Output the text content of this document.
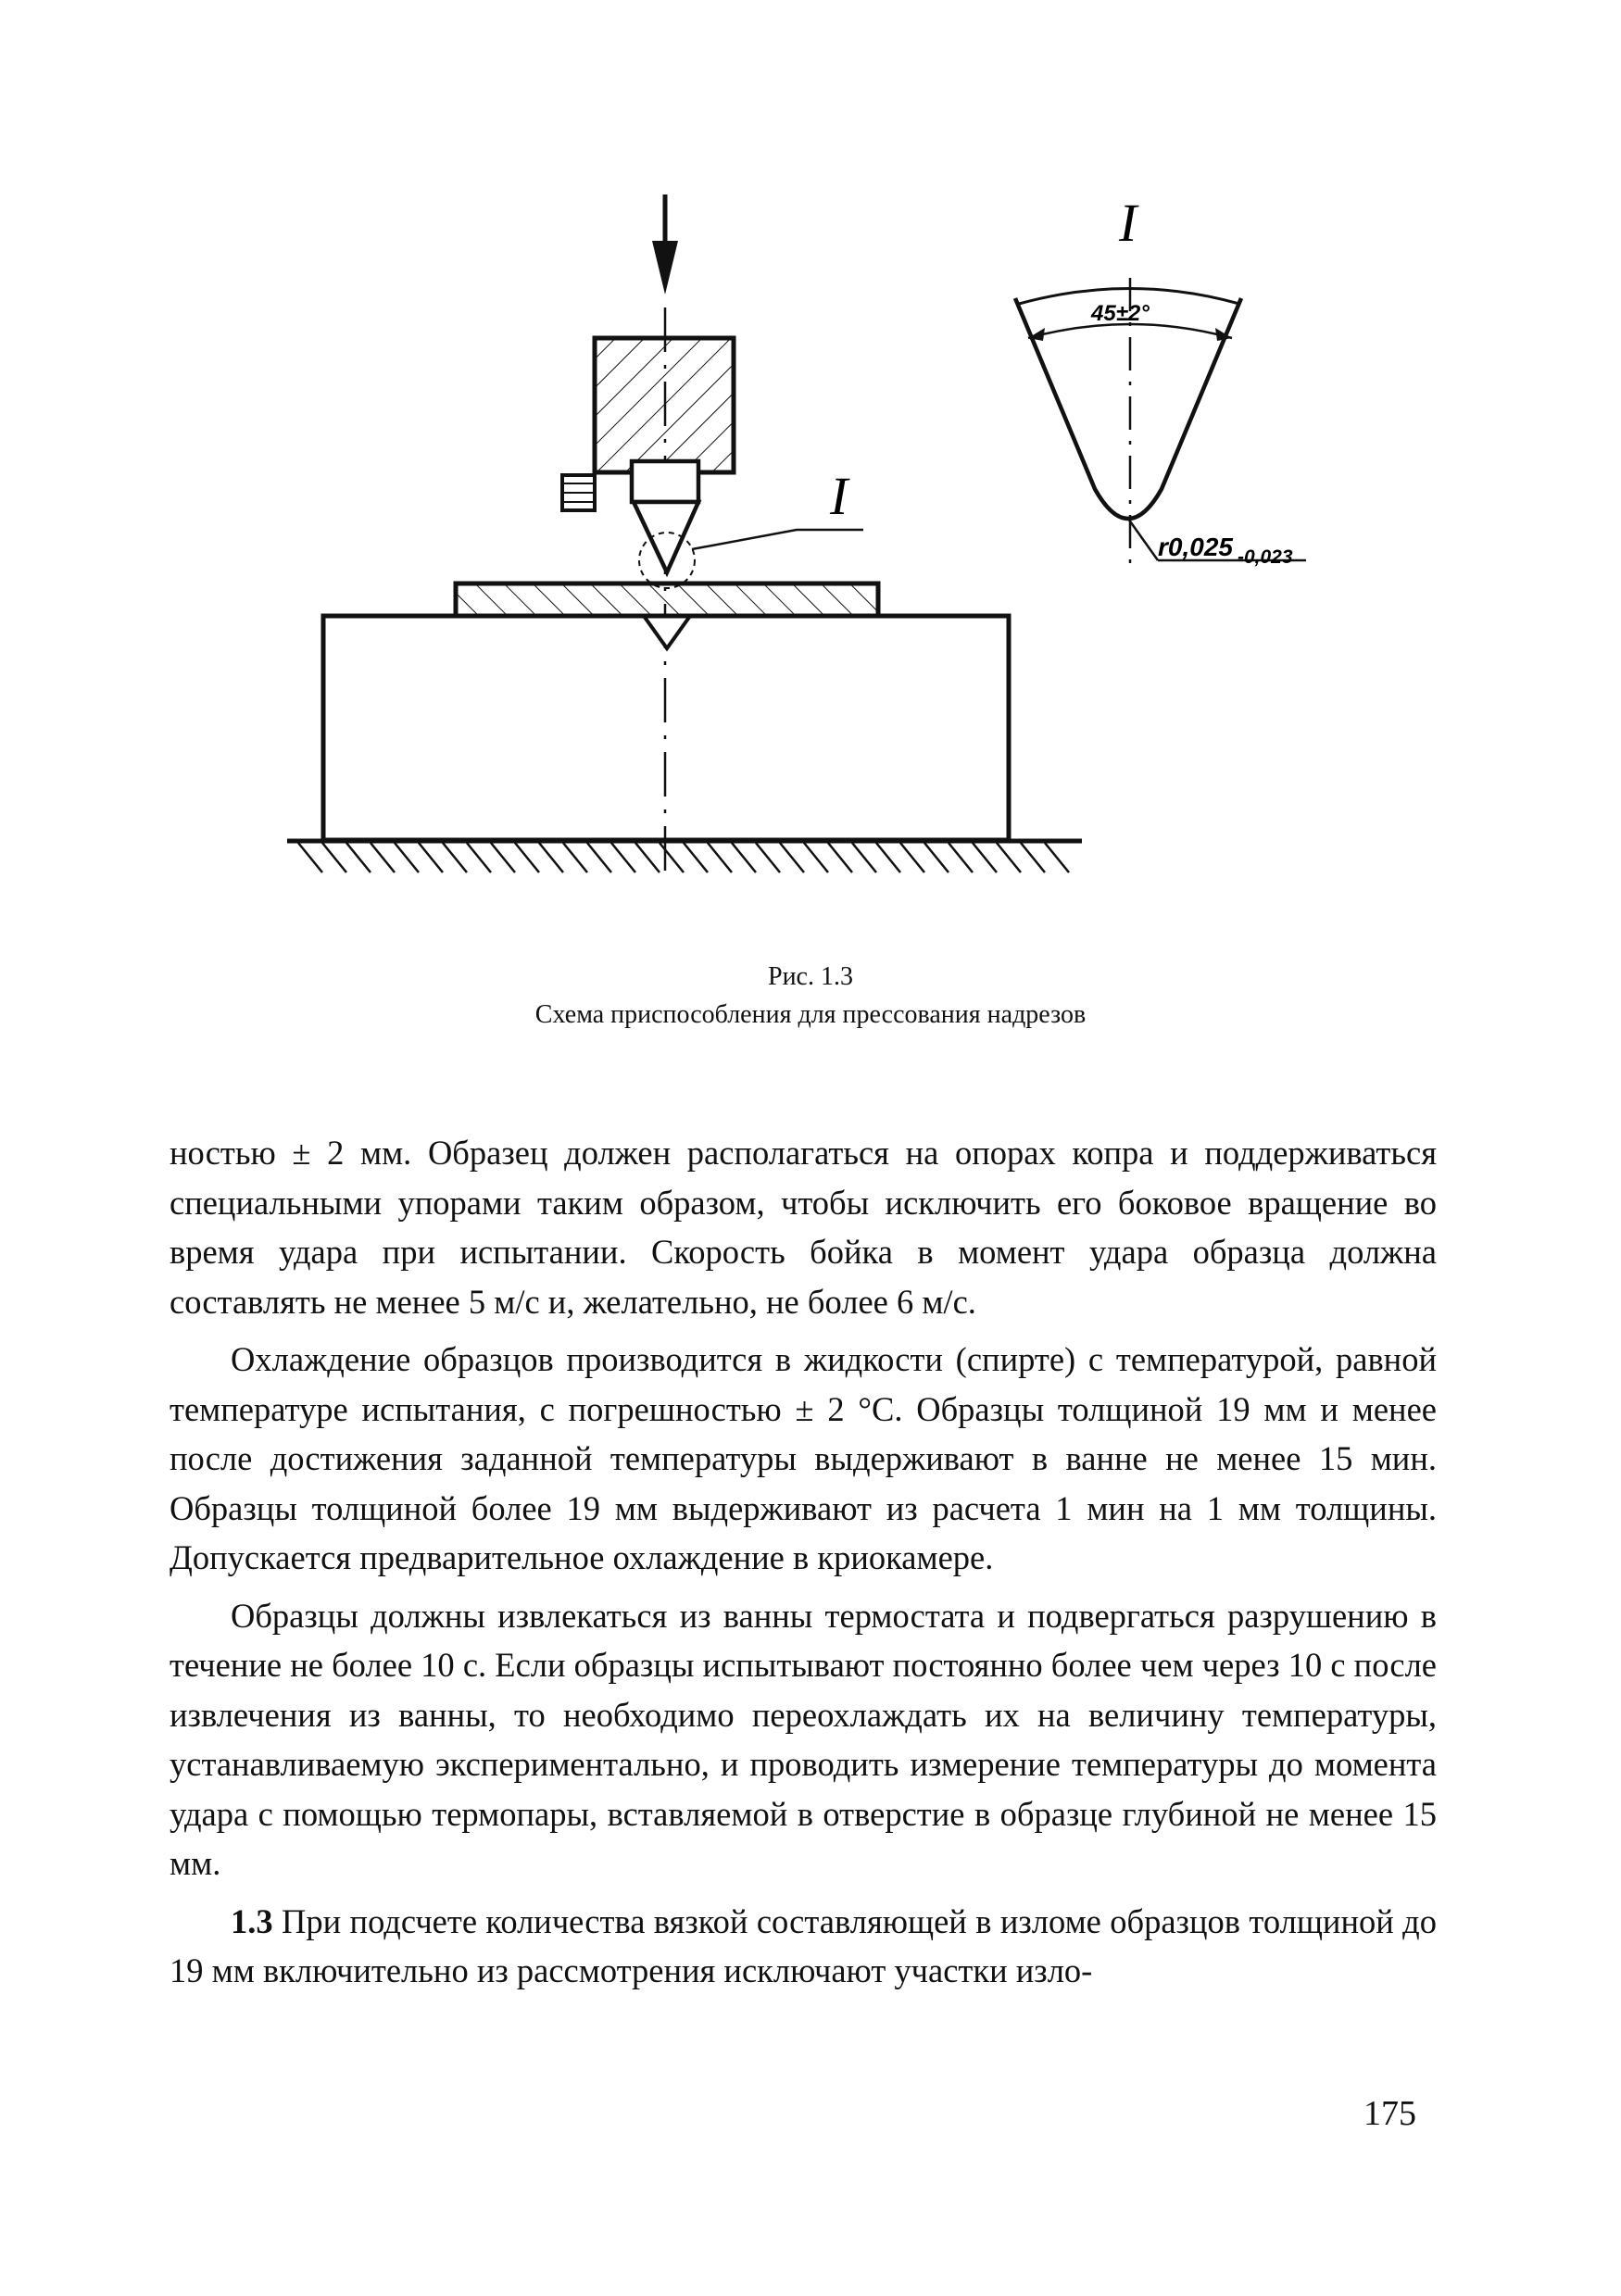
I
I
45±2°
r0,025 $_{-0,023}$
Рис. 1.3
Схема приспособления для прессования надрезов

ностью ± 2 мм. Образец должен располагаться на опорах копра и поддерживаться специальными упорами таким образом, чтобы исключить его боковое вращение во время удара при испытании. Скорость бойка в момент удара образца должна составлять не менее 5 м/с и, желательно, не более 6 м/с.

Охлаждение образцов производится в жидкости (спирте) с температурой, равной температуре испытания, с погрешностью ± 2 °С. Образцы толщиной 19 мм и менее после достижения заданной температуры выдерживают в ванне не менее 15 мин. Образцы толщиной более 19 мм выдерживают из расчета 1 мин на 1 мм толщины. Допускается предварительное охлаждение в криокамере.

Образцы должны извлекаться из ванны термостата и подвергаться разрушению в течение не более 10 с. Если образцы испытывают постоянно более чем через 10 с после извлечения из ванны, то необходимо переохлаждать их на величину температуры, устанавливаемую экспериментально, и проводить измерение температуры до момента удара с помощью термопары, вставляемой в отверстие в образце глубиной не менее 15 мм.

1.3 При подсчете количества вязкой составляющей в изломе образцов толщиной до 19 мм включительно из рассмотрения исключают участки изло-

175
